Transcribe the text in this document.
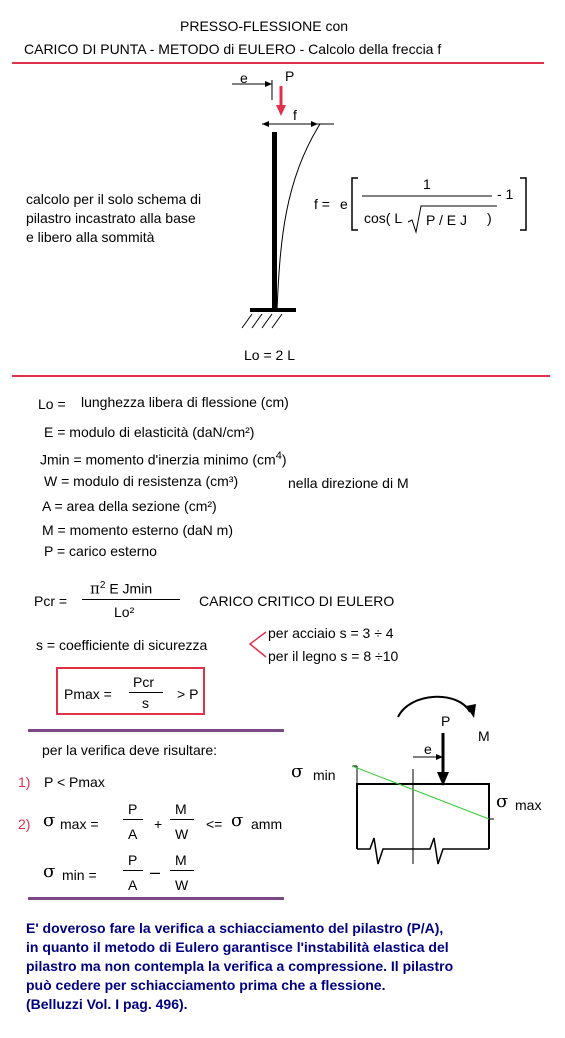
PRESSO-FLESSIONE con
CARICO DI PUNTA - METODO di EULERO - Calcolo della freccia f
e	P
f
calcolo per il solo schema di
pilastro incastrato alla base
e libero alla sommità
f = e
1
cos( L P / E J )
- 1
Lo = 2 L
Lo = lunghezza libera di flessione (cm)
E = modulo di elasticità (daN/cm²)
Jmin = momento d'inerzia minimo $(cm^4)$
W = modulo di resistenza (cm³)	nella direzione di M
A = area della sezione (cm²)
M = momento esterno (daN m)
P = carico esterno
Pcr =
$\pi^2$ E Jmin
Lo²
CARICO CRITICO DI EULERO
s = coefficiente di sicurezza
per acciaio s = 3 ÷ 4
per il legno s = 8 ÷10
Pmax =
Pcr
s
> P
per la verifica deve risultare:
1) P < Pmax
2) σ max =
P
A
+
M
W
<= σ amm
σ min =
P
A
–
M
W
P
M
e
σ min
σ max
E' doveroso fare la verifica a schiacciamento del pilastro (P/A),
in quanto il metodo di Eulero garantisce l'instabilità elastica del
pilastro ma non contempla la verifica a compressione. Il pilastro
può cedere per schiacciamento prima che a flessione.
(Belluzzi Vol. I pag. 496).
